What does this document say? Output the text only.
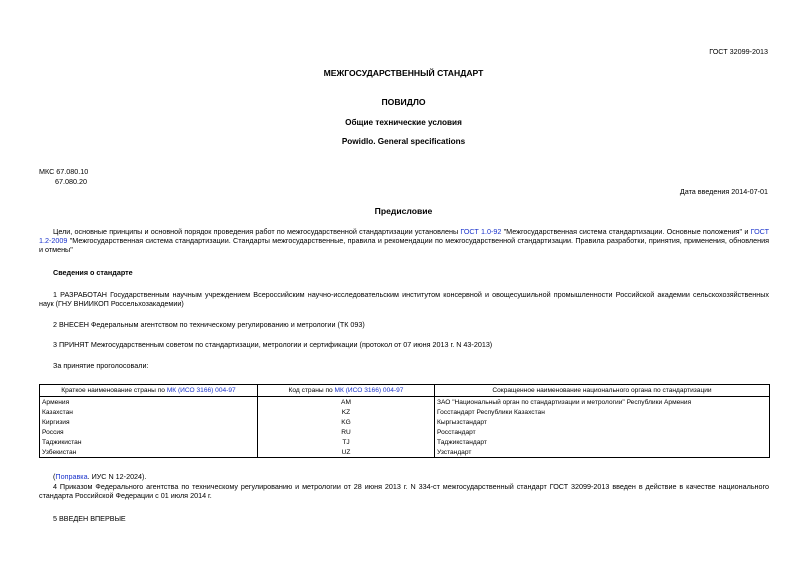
ГОСТ 32099-2013
МЕЖГОСУДАРСТВЕННЫЙ СТАНДАРТ
ПОВИДЛО
Общие технические условия
Powidlo. General specifications
МКС 67.080.10
67.080.20
Дата введения 2014-07-01
Предисловие
Цели, основные принципы и основной порядок проведения работ по межгосударственной стандартизации установлены ГОСТ 1.0-92 "Межгосударственная система стандартизации. Основные положения" и ГОСТ 1.2-2009 "Межгосударственная система стандартизации. Стандарты межгосударственные, правила и рекомендации по межгосударственной стандартизации. Правила разработки, принятия, применения, обновления и отмены"
Сведения о стандарте
1 РАЗРАБОТАН Государственным научным учреждением Всероссийским научно-исследовательским институтом консервной и овощесушильной промышленности Российской академии сельскохозяйственных наук (ГНУ ВНИИКОП Россельхозакадемии)
2 ВНЕСЕН Федеральным агентством по техническому регулированию и метрологии (ТК 093)
3 ПРИНЯТ Межгосударственным советом по стандартизации, метрологии и сертификации (протокол от 07 июня 2013 г. N 43-2013)
За принятие проголосовали:
Краткое наименование страны по МК (ИСО 3166) 004-97	Код страны по МК (ИСО 3166) 004-97	Сокращенное наименование национального органа по стандартизации
Армения	AM	ЗАО "Национальный орган по стандартизации и метрологии" Республики Армения
Казахстан	KZ	Госстандарт Республики Казахстан
Киргизия	KG	Кыргызстандарт
Россия	RU	Росстандарт
Таджикистан	TJ	Таджикстандарт
Узбекистан	UZ	Узстандарт
(Поправка. ИУС N 12-2024).
4 Приказом Федерального агентства по техническому регулированию и метрологии от 28 июня 2013 г. N 334-ст межгосударственный стандарт ГОСТ 32099-2013 введен в действие в качестве национального стандарта Российской Федерации с 01 июля 2014 г.
5 ВВЕДЕН ВПЕРВЫЕ
